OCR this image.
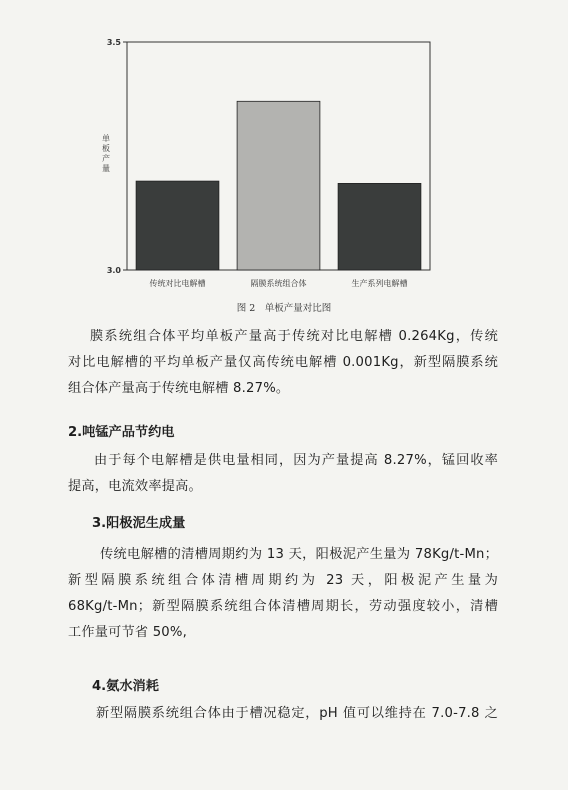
3.0
3.5
传统对比电解槽	隔膜系统组合体	生产系列电解槽
单板产量
图 2　单板产量对比图
膜系统组合体平均单板产量高于传统对比电解槽 0.264Kg，传统
对比电解槽的平均单板产量仅高传统电解槽 0.001Kg，新型隔膜系统
组合体产量高于传统电解槽 8.27%。
2.吨锰产品节约电
由于每个电解槽是供电量相同，因为产量提高 8.27%，锰回收率
提高，电流效率提高。
3.阳极泥生成量
传统电解槽的清槽周期约为 13 天，阳极泥产生量为 78Kg/t-Mn；
新型隔膜系统组合体清槽周期约为 23 天，阳极泥产生量为
68Kg/t-Mn；新型隔膜系统组合体清槽周期长，劳动强度较小，清槽
工作量可节省 50%,
4.氨水消耗
新型隔膜系统组合体由于槽况稳定，pH 值可以维持在 7.0-7.8 之
